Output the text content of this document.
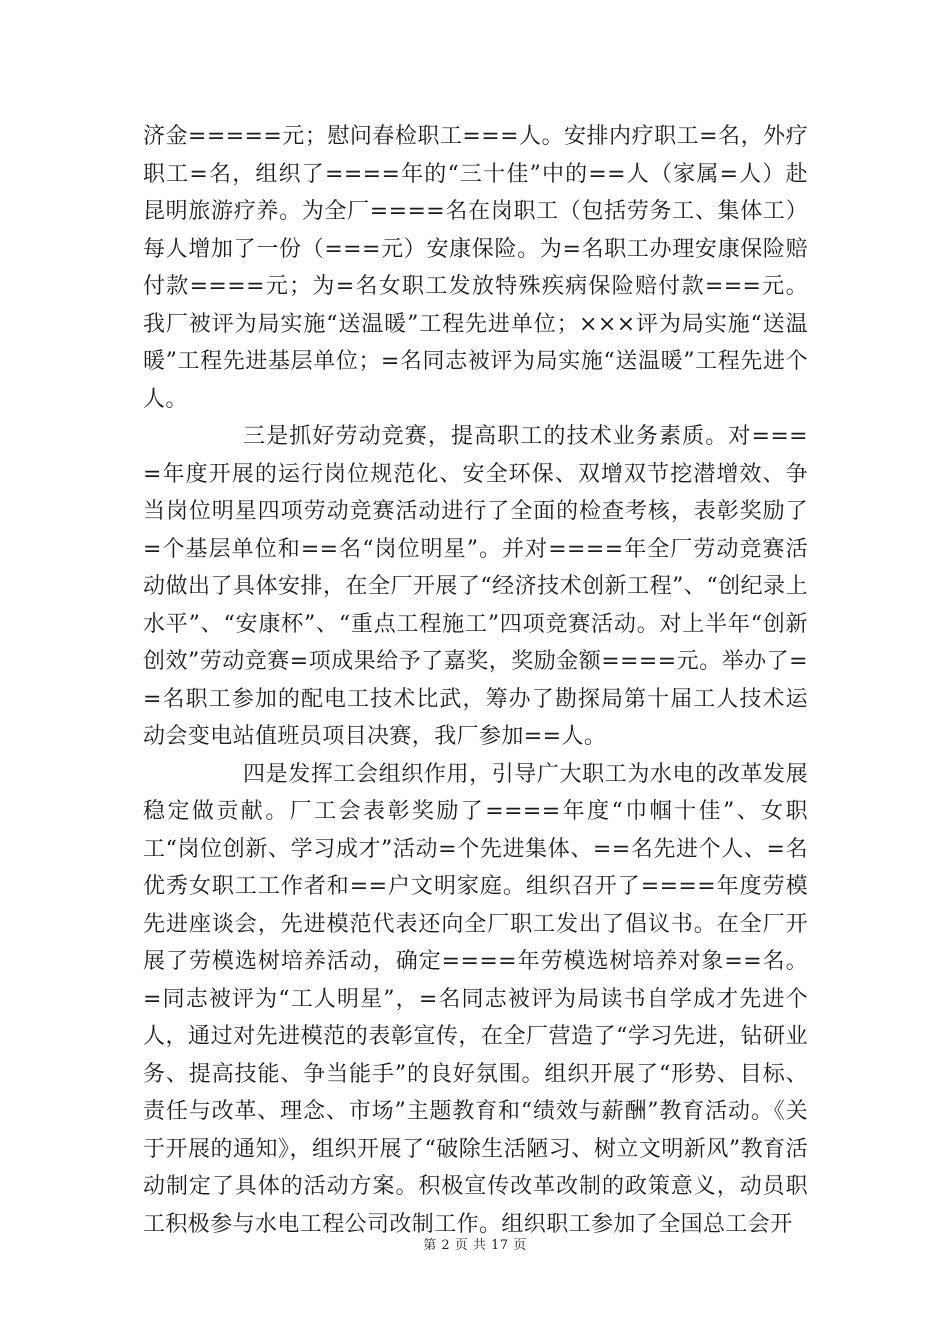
济金=====元；慰问春检职工===人。安排内疗职工=名，外疗职工=名，组织了====年的“三十佳”中的==人（家属=人）赴昆明旅游疗养。为全厂====名在岗职工（包括劳务工、集体工）每人增加了一份（===元）安康保险。为=名职工办理安康保险赔付款====元；为=名女职工发放特殊疾病保险赔付款===元。我厂被评为局实施“送温暖”工程先进单位；×××评为局实施“送温暖”工程先进基层单位；=名同志被评为局实施“送温暖”工程先进个人。

三是抓好劳动竞赛，提高职工的技术业务素质。对====年度开展的运行岗位规范化、安全环保、双增双节挖潜增效、争当岗位明星四项劳动竞赛活动进行了全面的检查考核，表彰奖励了=个基层单位和==名“岗位明星”。并对====年全厂劳动竞赛活动做出了具体安排，在全厂开展了“经济技术创新工程”、“创纪录上水平”、“安康杯”、“重点工程施工”四项竞赛活动。对上半年“创新创效”劳动竞赛=项成果给予了嘉奖，奖励金额====元。举办了==名职工参加的配电工技术比武，筹办了勘探局第十届工人技术运动会变电站值班员项目决赛，我厂参加==人。

四是发挥工会组织作用，引导广大职工为水电的改革发展稳定做贡献。厂工会表彰奖励了====年度“巾帼十佳”、女职工“岗位创新、学习成才”活动=个先进集体、==名先进个人、=名优秀女职工工作者和==户文明家庭。组织召开了====年度劳模先进座谈会，先进模范代表还向全厂职工发出了倡议书。在全厂开展了劳模选树培养活动，确定====年劳模选树培养对象==名。=同志被评为“工人明星”，=名同志被评为局读书自学成才先进个人，通过对先进模范的表彰宣传，在全厂营造了“学习先进，钻研业务、提高技能、争当能手”的良好氛围。组织开展了“形势、目标、责任与改革、理念、市场”主题教育和“绩效与薪酬”教育活动。《关于开展的通知》，组织开展了“破除生活陋习、树立文明新风”教育活动制定了具体的活动方案。积极宣传改革改制的政策意义，动员职工积极参与水电工程公司改制工作。组织职工参加了全国总工会开

第 2 页 共 17 页
